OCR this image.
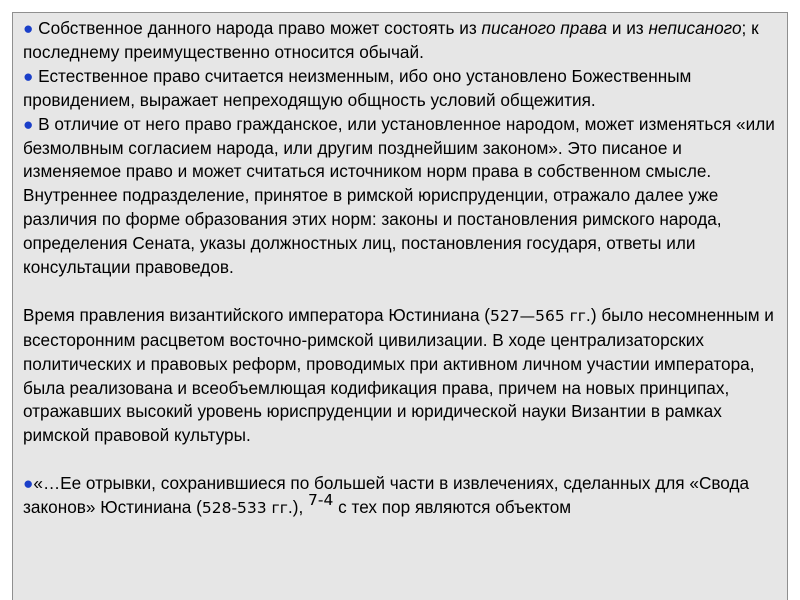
● Собственное данного народа право может состоять из писаного права и из неписаного; к последнему преимущественно относится обычай.

● Естественное право считается неизменным, ибо оно установлено Божественным провидением, выражает непреходящую общность условий общежития.

● В отличие от него право гражданское, или установленное народом, может изменяться «или безмолвным согласием народа, или другим позднейшим законом». Это писаное и изменяемое право и может считаться источником норм права в собственном смысле. Внутреннее подразделение, принятое в римской юриспруденции, отражало далее уже различия по форме образования этих норм: законы и постановления римского народа, определения Сената, указы должностных лиц, постановления государя, ответы или консультации правоведов.

Время правления византийского императора Юстиниана (527—565 гг.) было несомненным и всесторонним расцветом восточно-римской цивилизации. В ходе централизаторских политических и правовых реформ, проводимых при активном личном участии императора, была реализована и всеобъемлющая кодификация права, причем на новых принципах, отражавших высокий уровень юриспруденции и юридической науки Византии в рамках римской правовой культуры.

●«…Ее отрывки, сохранившиеся по большей части в извлечениях, сделанных для «Свода законов» Юстиниана (528-533 гг.), $^{7-4}$ с тех пор являются объектом
